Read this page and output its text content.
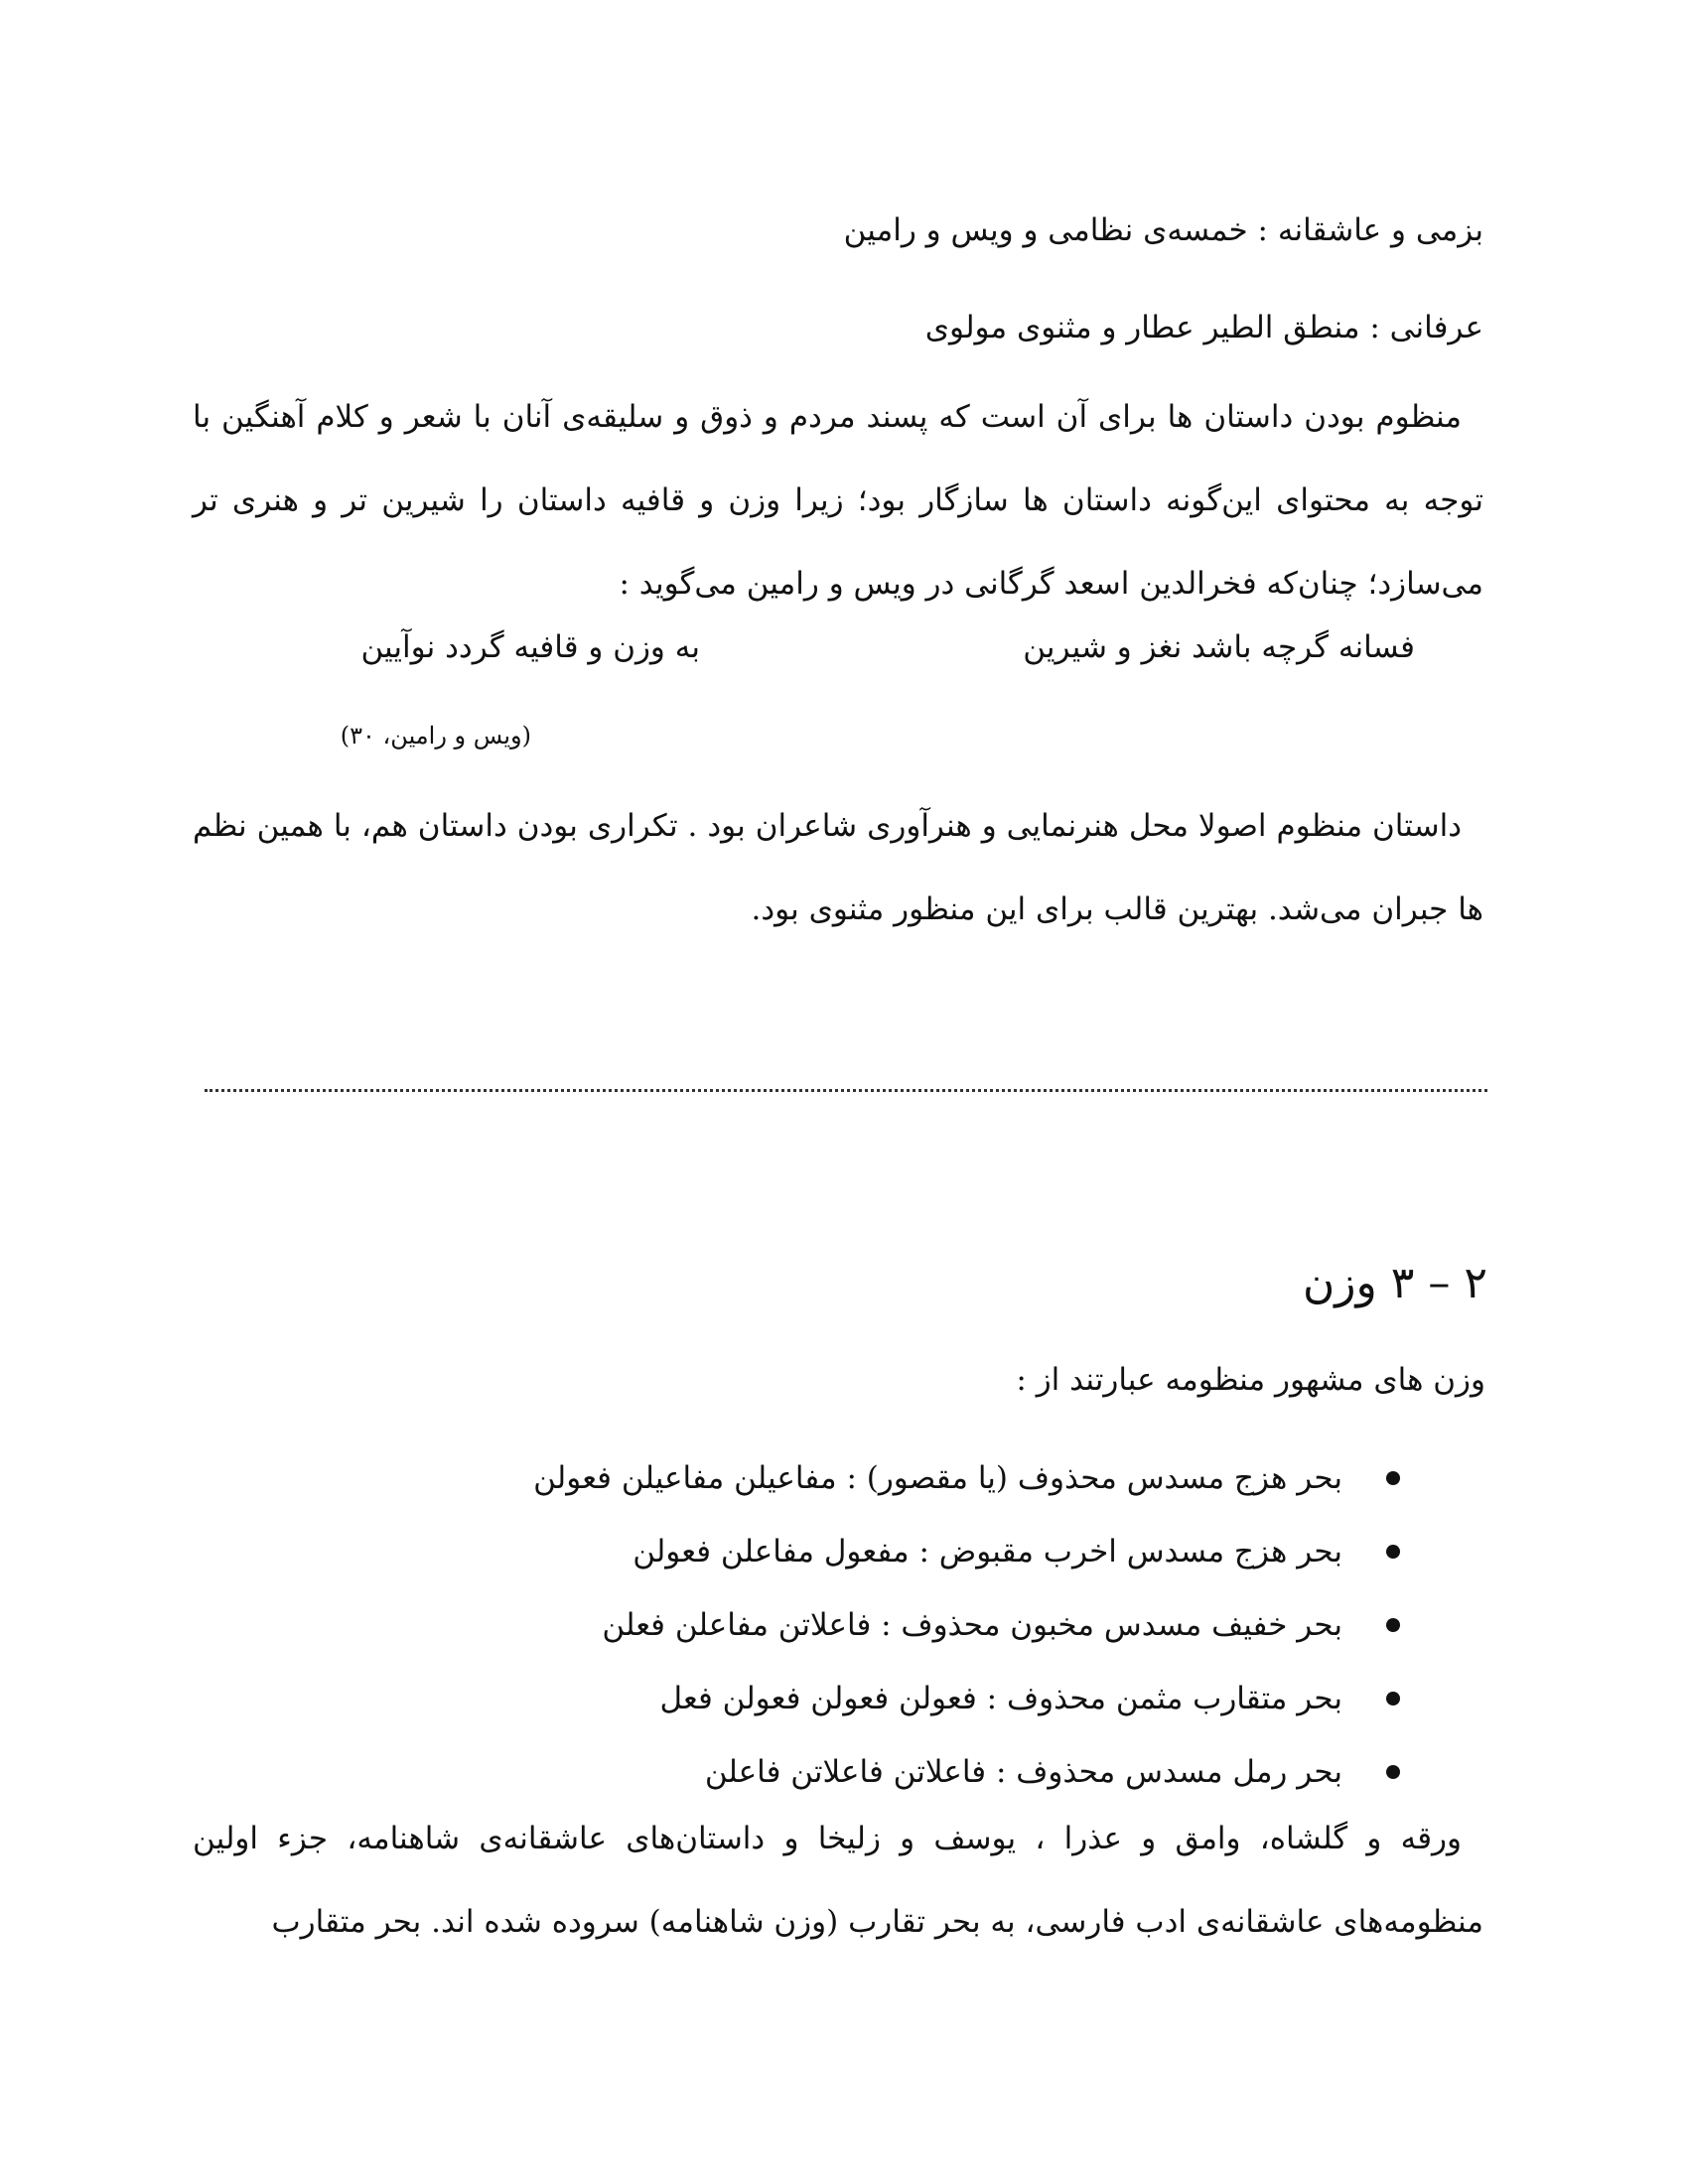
بزمی و عاشقانه : خمسه‌ی نظامی و ویس و رامین
عرفانی : منطق الطیر عطار و مثنوی مولوی

منظوم بودن داستان ها برای آن است که پسند مردم و ذوق و سلیقه‌ی آنان با شعر و کلام آهنگین با توجه به محتوای این‌گونه داستان ها سازگار بود؛ زیرا وزن و قافیه داستان را شیرین تر و هنری تر می‌سازد؛ چنان‌که فخرالدین اسعد گرگانی در ویس و رامین می‌گوید :

فسانه گرچه باشد نغز و شیرین
به وزن و قافیه گردد نوآیین
(ویس و رامین، ۳۰)

داستان منظوم اصولا محل هنرنمایی و هنرآوری شاعران بود . تکراری بودن داستان هم، با همین نظم ها جبران می‌شد. بهترین قالب برای این منظور مثنوی بود.

۲ – ۳ وزن
وزن های مشهور منظومه عبارتند از :
بحر هزج مسدس محذوف (یا مقصور) : مفاعیلن مفاعیلن فعولن
بحر هزج مسدس اخرب مقبوض : مفعول مفاعلن فعولن
بحر خفیف مسدس مخبون محذوف : فاعلاتن مفاعلن فعلن
بحر متقارب مثمن محذوف : فعولن فعولن فعولن فعل
بحر رمل مسدس محذوف : فاعلاتن فاعلاتن فاعلن

ورقه و گلشاه، وامق و عذرا ، یوسف و زلیخا و داستان‌های عاشقانه‌ی شاهنامه، جزء اولین منظومه‌های عاشقانه‌ی ادب فارسی، به بحر تقارب (وزن شاهنامه) سروده شده اند. بحر متقارب
